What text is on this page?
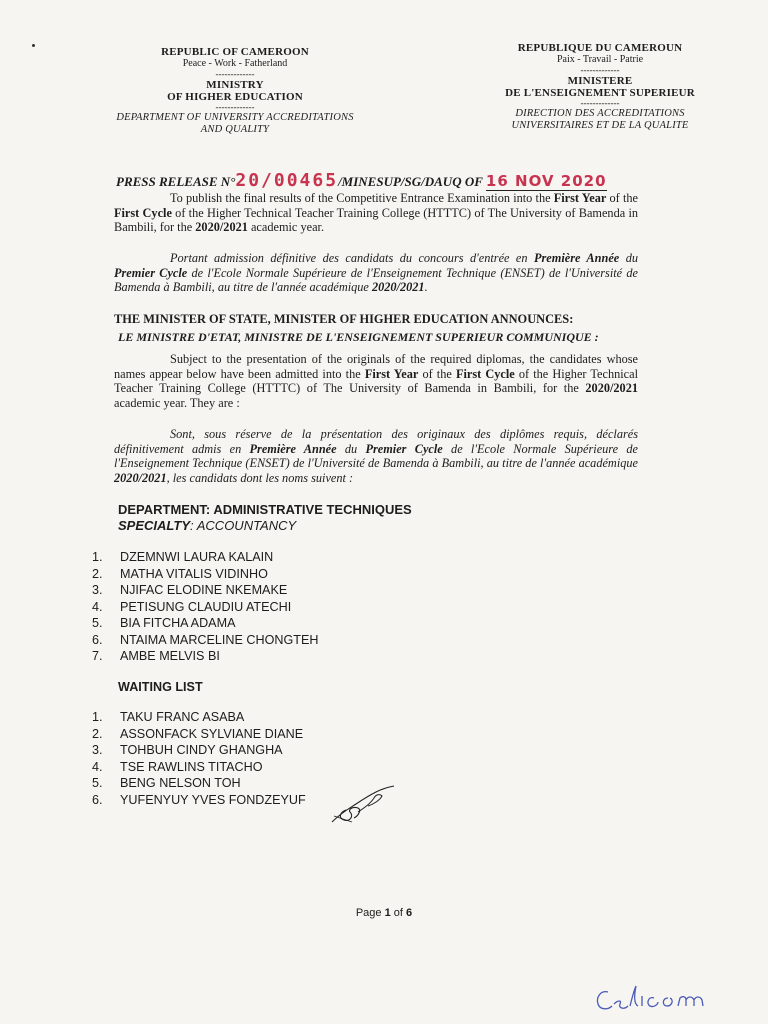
REPUBLIC OF CAMEROON
Peace - Work - Fatherland
-------------
MINISTRY
OF HIGHER EDUCATION
-------------
DEPARTMENT OF UNIVERSITY ACCREDITATIONS
AND QUALITY
REPUBLIQUE DU CAMEROUN
Paix - Travail - Patrie
-------------
MINISTERE
DE L'ENSEIGNEMENT SUPERIEUR
-------------
DIRECTION DES ACCREDITATIONS
UNIVERSITAIRES ET DE LA QUALITE
PRESS RELEASE N°20/00465/MINESUP/SG/DAUQ OF 16 NOV 2020
To publish the final results of the Competitive Entrance Examination into the First Year of the First Cycle of the Higher Technical Teacher Training College (HTTTC) of The University of Bamenda in Bambili, for the 2020/2021 academic year.
Portant admission définitive des candidats du concours d'entrée en Première Année du Premier Cycle de l'Ecole Normale Supérieure de l'Enseignement Technique (ENSET) de l'Université de Bamenda à Bambili, au titre de l'année académique 2020/2021.
THE MINISTER OF STATE, MINISTER OF HIGHER EDUCATION ANNOUNCES:
LE MINISTRE D'ETAT, MINISTRE DE L'ENSEIGNEMENT SUPERIEUR COMMUNIQUE :
Subject to the presentation of the originals of the required diplomas, the candidates whose names appear below have been admitted into the First Year of the First Cycle of the Higher Technical Teacher Training College (HTTTC) of The University of Bamenda in Bambili, for the 2020/2021 academic year. They are :
Sont, sous réserve de la présentation des originaux des diplômes requis, déclarés définitivement admis en Première Année du Premier Cycle de l'Ecole Normale Supérieure de l'Enseignement Technique (ENSET) de l'Université de Bamenda à Bambili, au titre de l'année académique 2020/2021, les candidats dont les noms suivent :
DEPARTMENT: ADMINISTRATIVE TECHNIQUES
SPECIALTY: ACCOUNTANCY
1. DZEMNWI LAURA KALAIN
2. MATHA VITALIS VIDINHO
3. NJIFAC ELODINE NKEMAKE
4. PETISUNG CLAUDIU ATECHI
5. BIA FITCHA ADAMA
6. NTAIMA MARCELINE CHONGTEH
7. AMBE MELVIS BI
WAITING LIST
1. TAKU FRANC ASABA
2. ASSONFACK SYLVIANE DIANE
3. TOHBUH CINDY GHANGHA
4. TSE RAWLINS TITACHO
5. BENG NELSON TOH
6. YUFENYUY YVES FONDZEYUF
Page 1 of 6
